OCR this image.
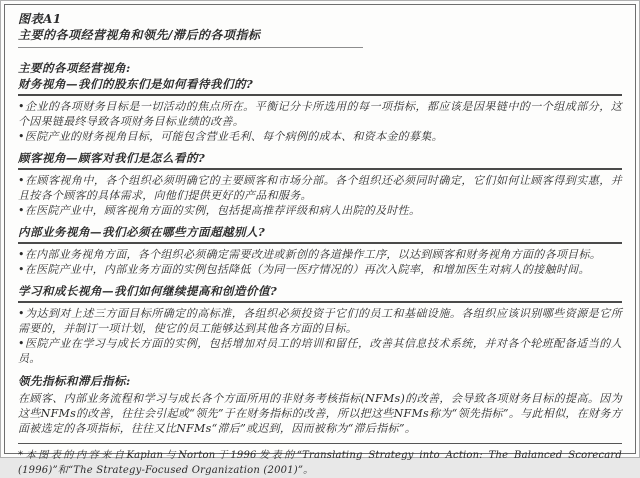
图表A1
主要的各项经营视角和领先/滞后的各项指标
主要的各项经营视角:
财务视角—我们的股东们是如何看待我们的?
•企业的各项财务目标是一切活动的焦点所在。平衡记分卡所选用的每一项指标，都应该是因果链中的一个组成部分，这个因果链最终导致各项财务目标业绩的改善。
•医院产业的财务视角目标，可能包含营业毛利、每个病例的成本、和资本金的募集。
顾客视角—顾客对我们是怎么看的?
•在顾客视角中，各个组织必须明确它的主要顾客和市场分部。各个组织还必须同时确定，它们如何让顾客得到实惠，并且按各个顾客的具体需求，向他们提供更好的产品和服务。
•在医院产业中，顾客视角方面的实例，包括提高推荐评级和病人出院的及时性。
内部业务视角—我们必须在哪些方面超越别人?
•在内部业务视角方面，各个组织必须确定需要改进或新创的各道操作工序，以达到顾客和财务视角方面的各项目标。
•在医院产业中，内部业务方面的实例包括降低（为同一医疗情况的）再次入院率，和增加医生对病人的接触时间。
学习和成长视角—我们如何继续提高和创造价值?
•为达到对上述三方面目标所确定的高标准，各组织必须投资于它们的员工和基础设施。各组织应该识别哪些资源是它所需要的，并制订一项计划，使它的员工能够达到其他各方面的目标。
•医院产业在学习与成长方面的实例，包括增加对员工的培训和留任，改善其信息技术系统，并对各个轮班配备适当的人员。
领先指标和滞后指标:
在顾客、内部业务流程和学习与成长各个方面所用的非财务考核指标(NFMs)的改善，会导致各项财务目标的提高。因为这些NFMs的改善，往往会引起或“领先”于在财务指标的改善，所以把这些NFMs称为“领先指标”。与此相似，在财务方面被选定的各项指标，往往又比NFMs“滞后”或迟到，因而被称为“滞后指标”。
*本图表的内容来自Kaplan与Norton于1996发表的“Translating Strategy into Action: The Balanced Scorecard (1996)”和“The Strategy-Focused Organization (2001)”。
